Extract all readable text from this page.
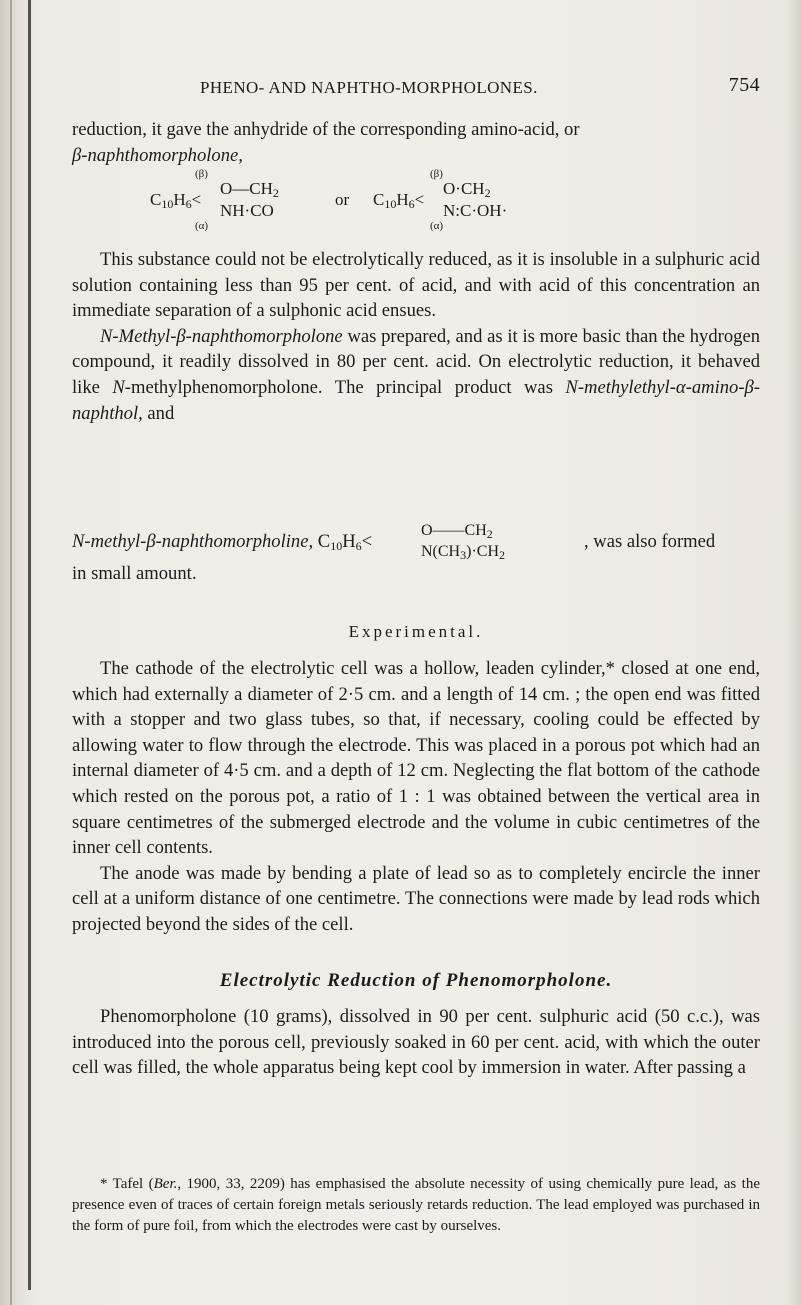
PHENO- AND NAPHTHO-MORPHOLONES.	754

reduction, it gave the anhydride of the corresponding amino-acid, or

β-naphthomorpholone,

(β)
(α)
$C_{10}H_6<$
$O—CH_2$
NH·CO
or
(β)
(α)
$C_{10}H_6<$
$O\cdot CH_2$
N:C·OH·

This substance could not be electrolytically reduced, as it is insoluble in a sulphuric acid solution containing less than 95 per cent. of acid, and with acid of this concentration an immediate separation of a sulphonic acid ensues.

N-Methyl-β-naphthomorpholone was prepared, and as it is more basic than the hydrogen compound, it readily dissolved in 80 per cent. acid. On electrolytic reduction, it behaved like N-methylphenomorpholone. The principal product was N-methylethyl-α-amino-β-naphthol, and

N-methyl-β-naphthomorpholine, $C_{10}H_6<$
$O——CH_2$
$N(CH_3)\cdot CH_2$
, was also formed
in small amount.
Experimental.

The cathode of the electrolytic cell was a hollow, leaden cylinder,* closed at one end, which had externally a diameter of 2·5 cm. and a length of 14 cm. ; the open end was fitted with a stopper and two glass tubes, so that, if necessary, cooling could be effected by allowing water to flow through the electrode. This was placed in a porous pot which had an internal diameter of 4·5 cm. and a depth of 12 cm. Neglecting the flat bottom of the cathode which rested on the porous pot, a ratio of 1 : 1 was obtained between the vertical area in square centimetres of the submerged electrode and the volume in cubic centimetres of the inner cell contents.

The anode was made by bending a plate of lead so as to completely encircle the inner cell at a uniform distance of one centimetre. The connections were made by lead rods which projected beyond the sides of the cell.

Electrolytic Reduction of Phenomorpholone.

Phenomorpholone (10 grams), dissolved in 90 per cent. sulphuric acid (50 c.c.), was introduced into the porous cell, previously soaked in 60 per cent. acid, with which the outer cell was filled, the whole apparatus being kept cool by immersion in water. After passing a

* Tafel (Ber., 1900, 33, 2209) has emphasised the absolute necessity of using chemically pure lead, as the presence even of traces of certain foreign metals seriously retards reduction. The lead employed was purchased in the form of pure foil, from which the electrodes were cast by ourselves.
